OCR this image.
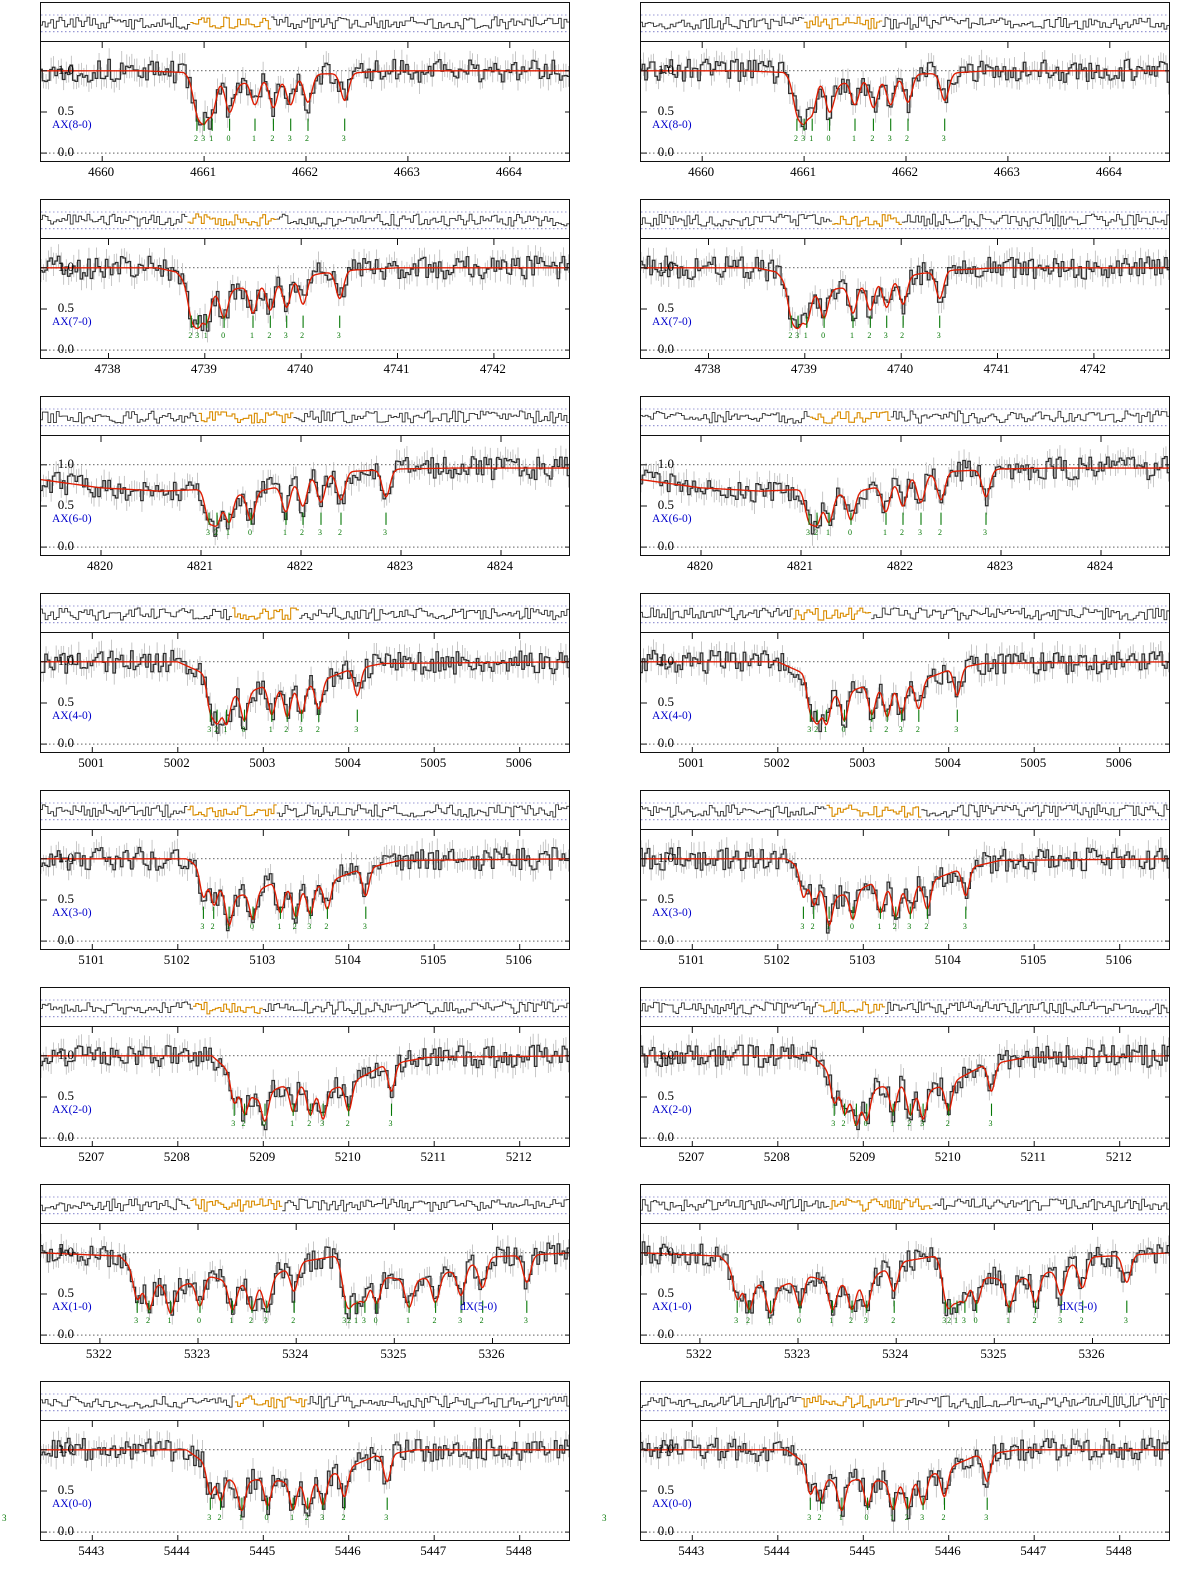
0.0
0.5
1.0
4660	4661	4662	4663	4664
AX(8-0)
2 3 1 0	1 2 3 2	3
0.0
0.5
1.0
4660	4661	4662	4663	4664
AX(8-0)
2 3 1 0	1 2 3 2	3
0.0
0.5
1.0
4738	4739	4740	4741	4742
AX(7-0)
2 3 1 0	1 2 3 2	3
0.0
0.5
1.0
4738	4739	4740	4741	4742
AX(7-0)
2 3 1 0	1 2 3 2	3
0.0
0.5
1.0
4820	4821	4822	4823	4824
AX(6-0)
3 2 1 0	1 2 3 2	3
0.0
0.5
1.0
4820	4821	4822	4823	4824
AX(6-0)
3 2 1 0	1 2 3 2	3
0.0
0.5
1.0
5001	5002	5003	5004	5005	5006
AX(4-0)
3 2 1 0	1 2 3 2	3
0.0
0.5
1.0
5001	5002	5003	5004	5005	5006
AX(4-0)
3 2 1 0	1 2 3 2	3
0.0
0.5
1.0
5101	5102	5103	5104	5105	5106
AX(3-0)
3 2 1 0	1 2 3 2	3
0.0
0.5
1.0
5101	5102	5103	5104	5105	5106
AX(3-0)
3 2 1 0	1 2 3 2	3
0.0
0.5
1.0
5207	5208	5209	5210	5211	5212
AX(2-0)
3 2 0	1 2 3	2	3
0.0
0.5
1.0
5207	5208	5209	5210	5211	5212
AX(2-0)
3 2 1 0	1 2 3	2	3
0.0
0.5
1.0
5322	5323	5324	5325	5326
AX(1-0)	dX(5-0)
3 2 1	0	1 2 3	2	3 2 1 3 0	1	2	3 2	3
0.0
0.5
1.0
5322	5323	5324	5325	5326
AX(1-0)	dX(5-0)
3 2 1	0	1 2 3	2	3 2 1 3 0	1	2	3 2	3
0.0
0.5
1.0
5443	5444	5445	5446	5447	5448
AX(0-0)
3 2 1	0	1 2 3 2	3
3
0.0
0.5
1.0
5443	5444	5445	5446	5447	5448
AX(0-0)
3 2 1	0	1 2 3 2	3
3
